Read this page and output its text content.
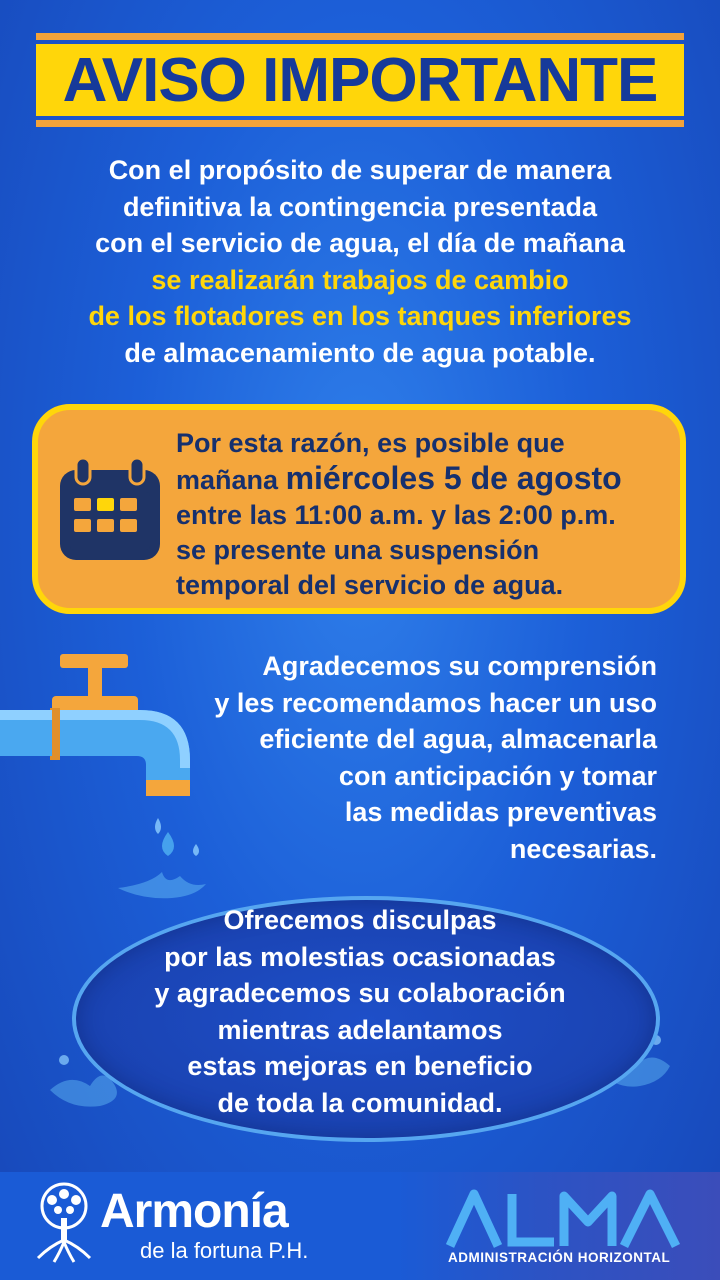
AVISO IMPORTANTE
Con el propósito de superar de manera
definitiva la contingencia presentada
con el servicio de agua, el día de mañana
se realizarán trabajos de cambio
de los flotadores en los tanques inferiores
de almacenamiento de agua potable.
Por esta razón, es posible que
mañana miércoles 5 de agosto
entre las 11:00 a.m. y las 2:00 p.m.
se presente una suspensión
temporal del servicio de agua.
Agradecemos su comprensión
y les recomendamos hacer un uso
eficiente del agua, almacenarla
con anticipación y tomar
las medidas preventivas
necesarias.
Ofrecemos disculpas
por las molestias ocasionadas
y agradecemos su colaboración
mientras adelantamos
estas mejoras en beneficio
de toda la comunidad.
Armonía
de la fortuna P.H.	ADMINISTRACIÓN HORIZONTAL
